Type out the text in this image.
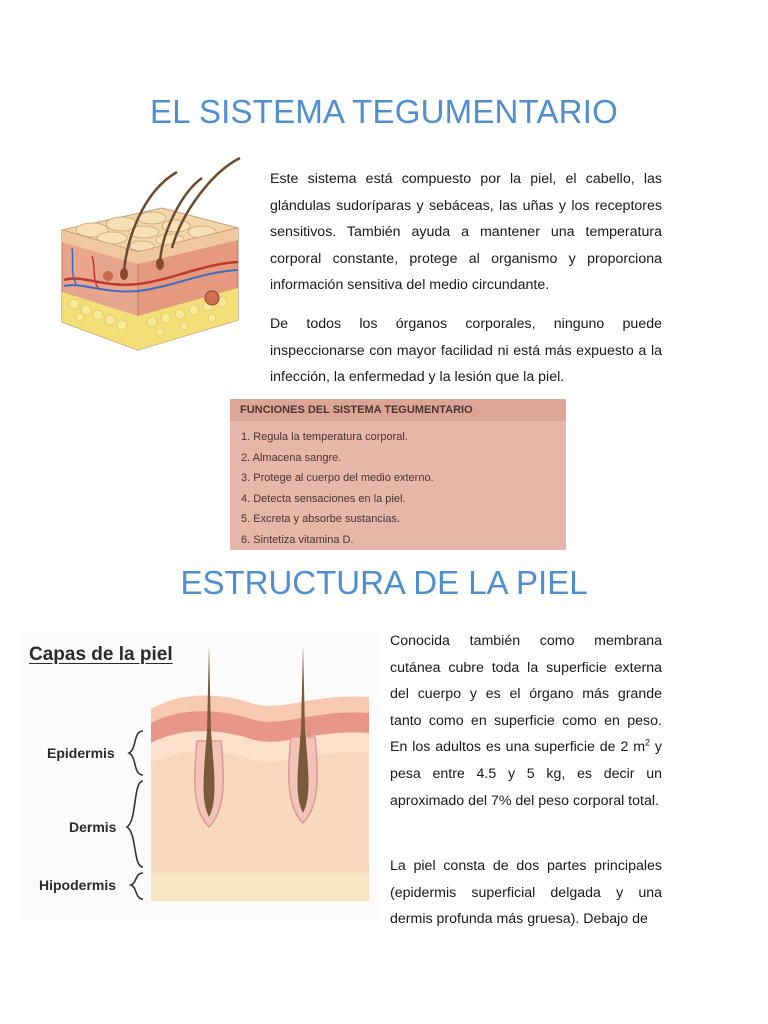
EL SISTEMA TEGUMENTARIO

Este sistema está compuesto por la piel, el cabello, las glándulas sudoríparas y sebáceas, las uñas y los receptores sensitivos. También ayuda a mantener una temperatura corporal constante, protege al organismo y proporciona información sensitiva del medio circundante.

De todos los órganos corporales, ninguno puede inspeccionarse con mayor facilidad ni está más expuesto a la infección, la enfermedad y la lesión que la piel.

FUNCIONES DEL SISTEMA TEGUMENTARIO
1. Regula la temperatura corporal.
2. Almacena sangre.
3. Protege al cuerpo del medio externo.
4. Detecta sensaciones en la piel.
5. Excreta y absorbe sustancias.
6. Sintetiza vitamina D.
ESTRUCTURA DE LA PIEL
Capas de la piel
Epidermis
Dermis
Hipodermis

Conocida también como membrana cutánea cubre toda la superficie externa del cuerpo y es el órgano más grande tanto como en superficie como en peso. En los adultos es una superficie de 2 $m^2$ y pesa entre 4.5 y 5 kg, es decir un aproximado del 7% del peso corporal total.

La piel consta de dos partes principales (epidermis superficial delgada y una dermis profunda más gruesa). Debajo de
